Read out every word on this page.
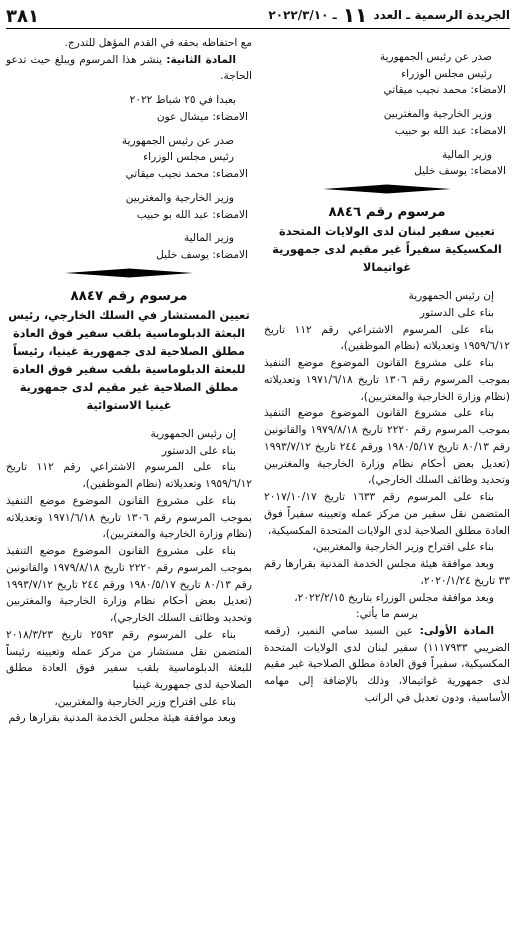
الجريدة الرسمية ـ العدد ١١ ـ ٢٠٢٢/٣/١٠
٣٨١

صدر عن رئيس الجمهورية

رئيس مجلس الوزراء

الامضاء: محمد نجيب ميقاتي

وزير الخارجية والمغتربين

الامضاء: عبد الله بو حبيب

وزير المالية

الامضاء: يوسف خليل

مرسوم رقم ٨٨٤٦

تعيين سفير لبنان لدى الولايات المتحدة المكسيكية سفيراً غير مقيم لدى جمهورية غواتيمالا

إن رئيس الجمهورية

بناء على الدستور

بناء على المرسوم الاشتراعي رقم ١١٢ تاريخ ١٩٥٩/٦/١٢ وتعديلاته (نظام الموظفين)،

بناء على مشروع القانون الموضوع موضع التنفيذ بموجب المرسوم رقم ١٣٠٦ تاريخ ١٩٧١/٦/١٨ وتعديلاته (نظام وزارة الخارجية والمغتربين)،

بناء على مشروع القانون الموضوع موضع التنفيذ بموجب المرسوم رقم ٢٢٢٠ تاريخ ١٩٧٩/٨/١٨ والقانونين رقم ٨٠/١٣ تاريخ ١٩٨٠/٥/١٧ ورقم ٢٤٤ تاريخ ١٩٩٣/٧/١٢ (تعديل بعض أحكام نظام وزارة الخارجية والمغتربين وتحديد وظائف السلك الخارجي)،

بناء على المرسوم رقم ١٦٣٣ تاريخ ٢٠١٧/١٠/١٧ المتضمن نقل سفير من مركز عمله وتعيينه سفيراً فوق العادة مطلق الصلاحية لدى الولايات المتحدة المكسيكية،

بناء على اقتراح وزير الخارجية والمغتربين،

وبعد موافقة هيئة مجلس الخدمة المدنية بقرارها رقم ٣٣ تاريخ ٢٠٢٠/١/٢٤،

وبعد موافقة مجلس الوزراء بتاريخ ٢٠٢٢/٢/١٥،

يرسم ما يأتي:

المادة الأولى: عين السيد سامي النمير، (رقمه الضريبي ١١١٧٩٣٣) سفير لبنان لدى الولايات المتحدة المكسيكية، سفيراً فوق العادة مطلق الصلاحية غير مقيم لدى جمهورية غواتيمالا، وذلك بالإضافة إلى مهامه الأساسية، ودون تعديل في الراتب

مع احتفاظه بحقه في القدم المؤهل للتدرج.

المادة الثانية: ينشر هذا المرسوم ويبلغ حيث تدعو الحاجة.

بعبدا في ٢٥ شباط ٢٠٢٢

الامضاء: ميشال عون

صدر عن رئيس الجمهورية

رئيس مجلس الوزراء

الامضاء: محمد نجيب ميقاتي

وزير الخارجية والمغتربين

الامضاء: عبد الله بو حبيب

وزير المالية

الامضاء: يوسف خليل

مرسوم رقم ٨٨٤٧

تعيين المستشار في السلك الخارجي، رئيس البعثة الدبلوماسية بلقب سفير فوق العادة مطلق الصلاحية لدى جمهورية غينيا، رئيساً للبعثة الدبلوماسية بلقب سفير فوق العادة مطلق الصلاحية غير مقيم لدى جمهورية غينيا الاستوائية

إن رئيس الجمهورية

بناء على الدستور

بناء على المرسوم الاشتراعي رقم ١١٢ تاريخ ١٩٥٩/٦/١٢ وتعديلاته (نظام الموظفين)،

بناء على مشروع القانون الموضوع موضع التنفيذ بموجب المرسوم رقم ١٣٠٦ تاريخ ١٩٧١/٦/١٨ وتعديلاته (نظام وزارة الخارجية والمغتربين)،

بناء على مشروع القانون الموضوع موضع التنفيذ بموجب المرسوم رقم ٢٢٢٠ تاريخ ١٩٧٩/٨/١٨ والقانونين رقم ٨٠/١٣ تاريخ ١٩٨٠/٥/١٧ ورقم ٢٤٤ تاريخ ١٩٩٣/٧/١٢ (تعديل بعض أحكام نظام وزارة الخارجية والمغتربين وتحديد وظائف السلك الخارجي)،

بناء على المرسوم رقم ٢٥٩٣ تاريخ ٢٠١٨/٣/٢٣ المتضمن نقل مستشار من مركز عمله وتعيينه رئيساً للبعثة الدبلوماسية بلقب سفير فوق العادة مطلق الصلاحية لدى جمهورية غينيا

بناء على اقتراح وزير الخارجية والمغتربين،

وبعد موافقة هيئة مجلس الخدمة المدنية بقرارها رقم
